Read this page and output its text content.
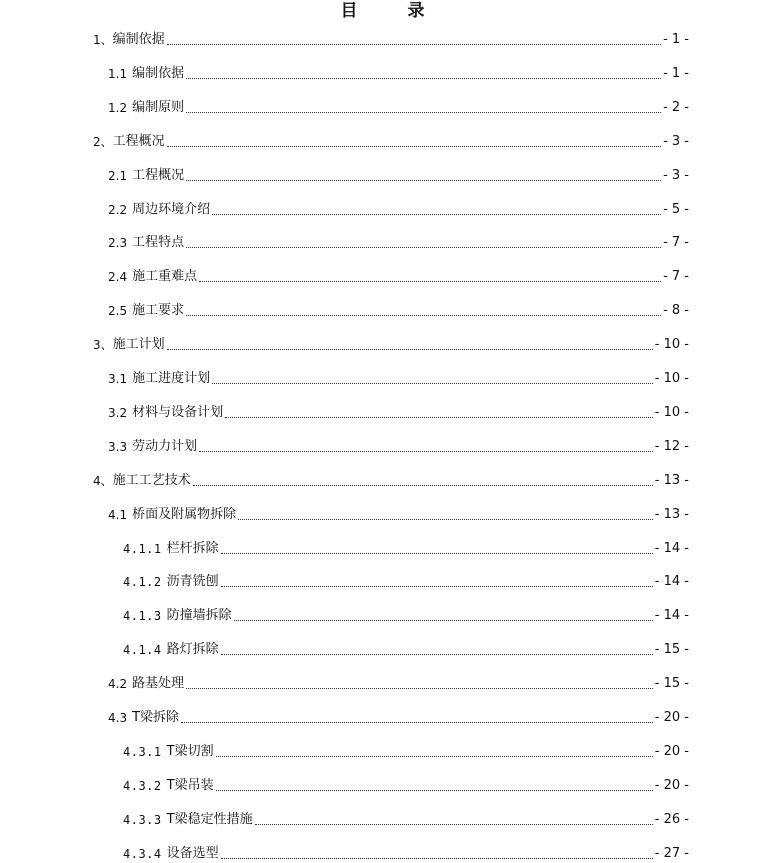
目 录
1、 编制依据	- 1 -
1.1 编制依据	- 1 -
1.2 编制原则	- 2 -
2、 工程概况	- 3 -
2.1 工程概况	- 3 -
2.2 周边环境介绍	- 5 -
2.3 工程特点	- 7 -
2.4 施工重难点	- 7 -
2.5 施工要求	- 8 -
3、 施工计划	- 10 -
3.1 施工进度计划	- 10 -
3.2 材料与设备计划	- 10 -
3.3 劳动力计划	- 12 -
4、 施工工艺技术	- 13 -
4.1 桥面及附属物拆除	- 13 -
4.1.1 栏杆拆除	- 14 -
4.1.2 沥青铣刨	- 14 -
4.1.3 防撞墙拆除	- 14 -
4.1.4 路灯拆除	- 15 -
4.2 路基处理	- 15 -
4.3 T梁拆除	- 20 -
4.3.1 T梁切割	- 20 -
4.3.2 T梁吊装	- 20 -
4.3.3 T梁稳定性措施	- 26 -
4.3.4 设备选型	- 27 -
